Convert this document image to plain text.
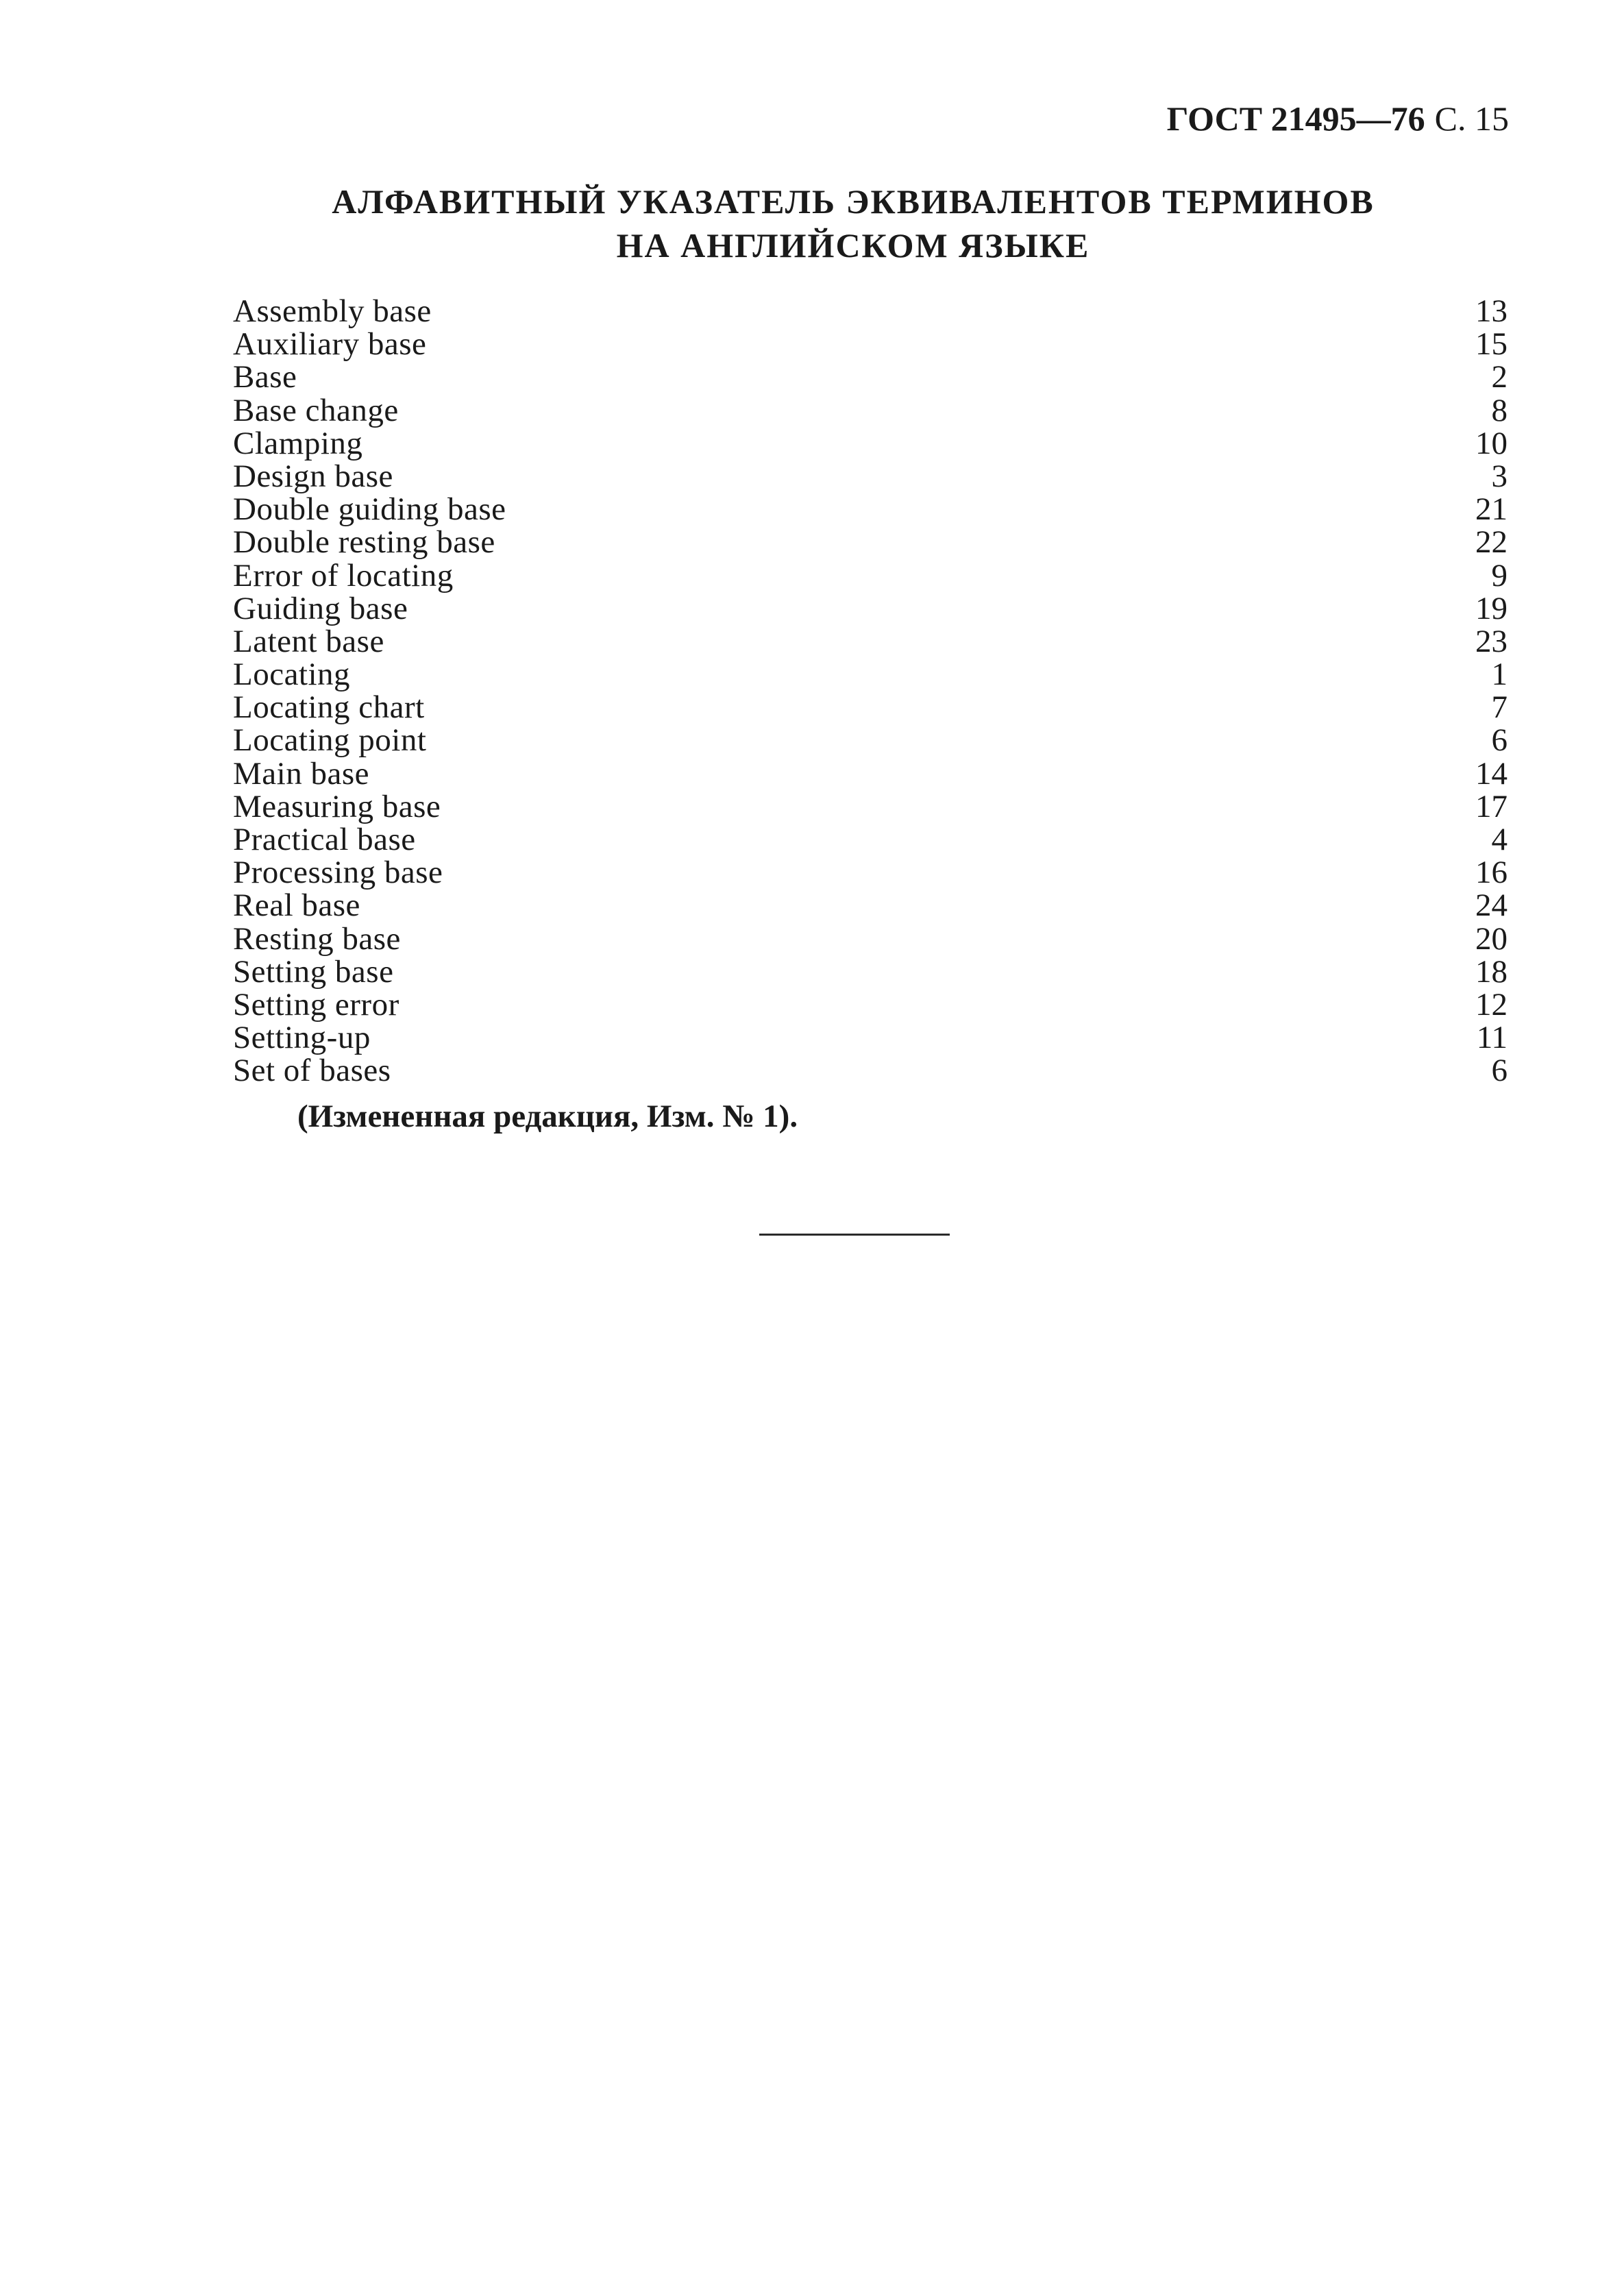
ГОСТ 21495—76 С. 15
АЛФАВИТНЫЙ УКАЗАТЕЛЬ ЭКВИВАЛЕНТОВ ТЕРМИНОВ
НА АНГЛИЙСКОМ ЯЗЫКЕ
Assembly base	13
Auxiliary base	15
Base	2
Base change	8
Clamping	10
Design base	3
Double guiding base	21
Double resting base	22
Error of locating	9
Guiding base	19
Latent base	23
Locating	1
Locating chart	7
Locating point	6
Main base	14
Measuring base	17
Practical base	4
Processing base	16
Real base	24
Resting base	20
Setting base	18
Setting error	12
Setting-up	11
Set of bases	6
(Измененная редакция, Изм. № 1).
